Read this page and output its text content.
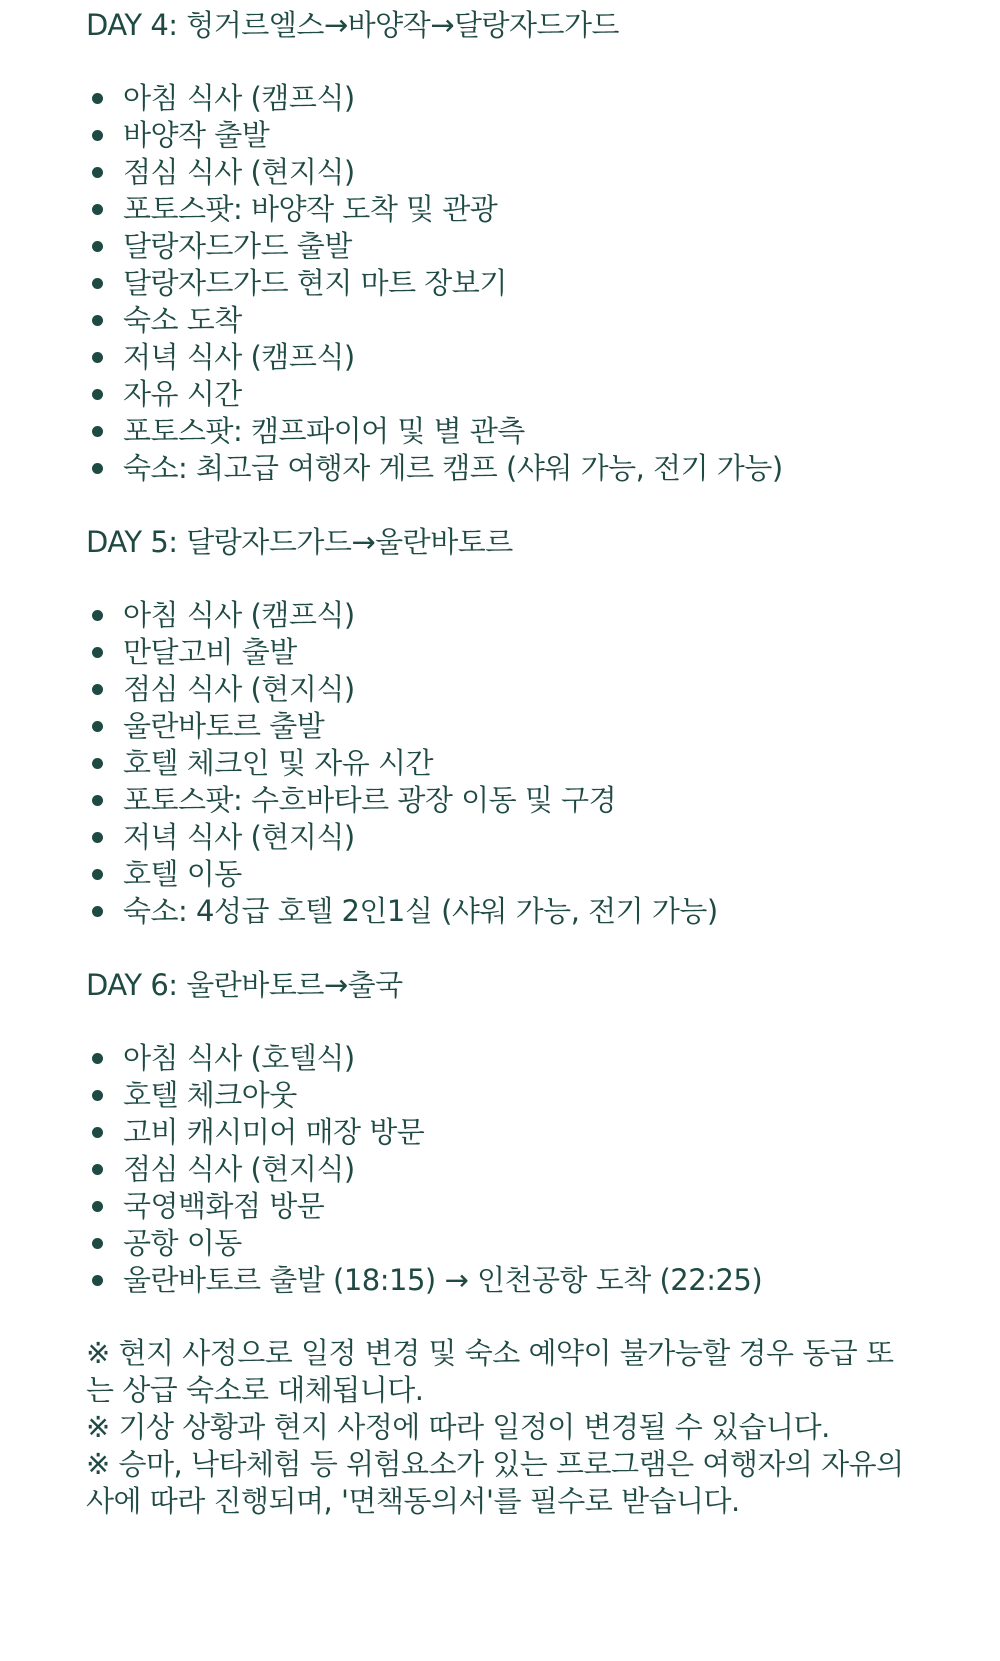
DAY 4: 헝거르엘스→바양작→달랑자드가드
아침 식사 (캠프식)
바양작 출발
점심 식사 (현지식)
포토스팟: 바양작 도착 및 관광
달랑자드가드 출발
달랑자드가드 현지 마트 장보기
숙소 도착
저녁 식사 (캠프식)
자유 시간
포토스팟: 캠프파이어 및 별 관측
숙소: 최고급 여행자 게르 캠프 (샤워 가능, 전기 가능)
DAY 5: 달랑자드가드→울란바토르
아침 식사 (캠프식)
만달고비 출발
점심 식사 (현지식)
울란바토르 출발
호텔 체크인 및 자유 시간
포토스팟: 수흐바타르 광장 이동 및 구경
저녁 식사 (현지식)
호텔 이동
숙소: 4성급 호텔 2인1실 (샤워 가능, 전기 가능)
DAY 6: 울란바토르→출국
아침 식사 (호텔식)
호텔 체크아웃
고비 캐시미어 매장 방문
점심 식사 (현지식)
국영백화점 방문
공항 이동
울란바토르 출발 (18:15) → 인천공항 도착 (22:25)
※ 현지 사정으로 일정 변경 및 숙소 예약이 불가능할 경우 동급 또
는 상급 숙소로 대체됩니다.
※ 기상 상황과 현지 사정에 따라 일정이 변경될 수 있습니다.
※ 승마, 낙타체험 등 위험요소가 있는 프로그램은 여행자의 자유의
사에 따라 진행되며, '면책동의서'를 필수로 받습니다.
